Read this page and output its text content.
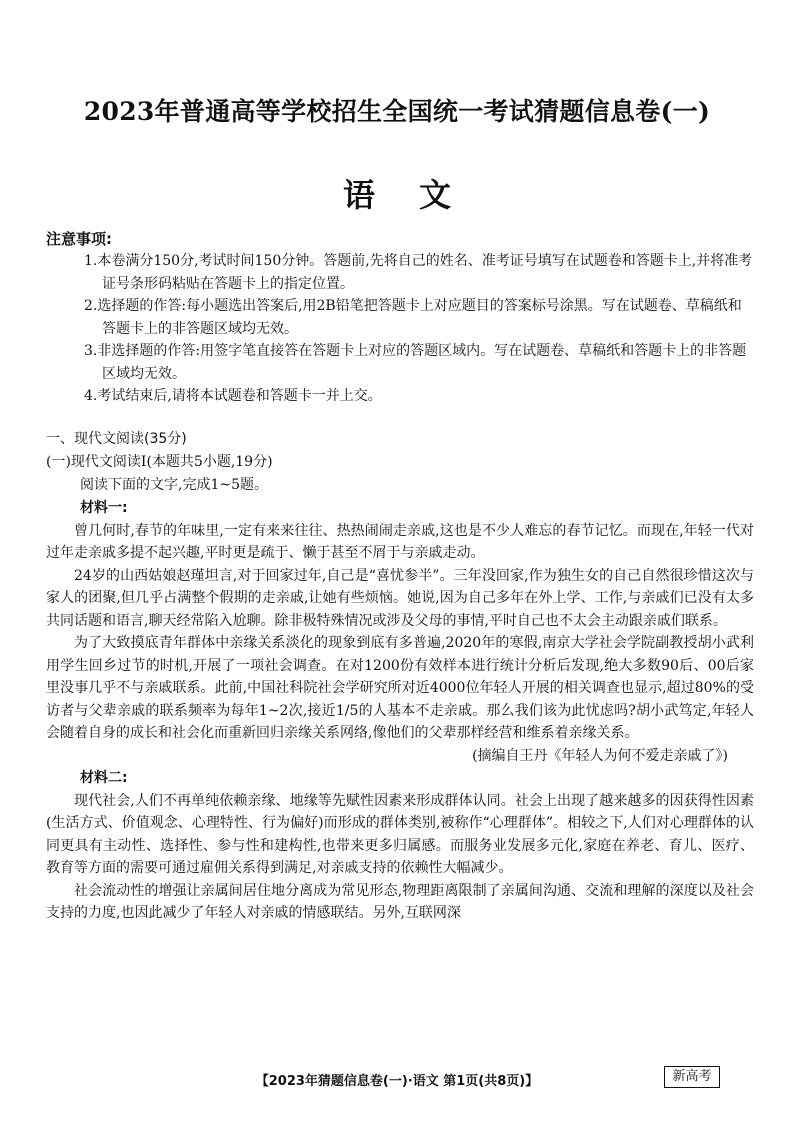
2023年普通高等学校招生全国统一考试猜题信息卷(一)
语文
注意事项:

1.本卷满分150分,考试时间150分钟。答题前,先将自己的姓名、准考证号填写在试题卷和答题卡上,并将准考证号条形码粘贴在答题卡上的指定位置。

2.选择题的作答:每小题选出答案后,用2B铅笔把答题卡上对应题目的答案标号涂黑。写在试题卷、草稿纸和答题卡上的非答题区域均无效。

3.非选择题的作答:用签字笔直接答在答题卡上对应的答题区域内。写在试题卷、草稿纸和答题卡上的非答题区域均无效。

4.考试结束后,请将本试题卷和答题卡一并上交。

一、现代文阅读(35分)
(一)现代文阅读Ⅰ(本题共5小题,19分)
阅读下面的文字,完成1~5题。
材料一:

曾几何时,春节的年味里,一定有来来往往、热热闹闹走亲戚,这也是不少人难忘的春节记忆。而现在,年轻一代对过年走亲戚多提不起兴趣,平时更是疏于、懒于甚至不屑于与亲戚走动。

24岁的山西姑娘赵瑾坦言,对于回家过年,自己是“喜忧参半”。三年没回家,作为独生女的自己自然很珍惜这次与家人的团聚,但几乎占满整个假期的走亲戚,让她有些烦恼。她说,因为自己多年在外上学、工作,与亲戚们已没有太多共同话题和语言,聊天经常陷入尬聊。除非极特殊情况或涉及父母的事情,平时自己也不太会主动跟亲戚们联系。

为了大致摸底青年群体中亲缘关系淡化的现象到底有多普遍,2020年的寒假,南京大学社会学院副教授胡小武利用学生回乡过节的时机,开展了一项社会调查。在对1200份有效样本进行统计分析后发现,绝大多数90后、00后家里没事几乎不与亲戚联系。此前,中国社科院社会学研究所对近4000位年轻人开展的相关调查也显示,超过80%的受访者与父辈亲戚的联系频率为每年1~2次,接近1/5的人基本不走亲戚。那么我们该为此忧虑吗?胡小武笃定,年轻人会随着自身的成长和社会化而重新回归亲缘关系网络,像他们的父辈那样经营和维系着亲缘关系。

(摘编自王丹《年轻人为何不爱走亲戚了》)

材料二:

现代社会,人们不再单纯依赖亲缘、地缘等先赋性因素来形成群体认同。社会上出现了越来越多的因获得性因素(生活方式、价值观念、心理特性、行为偏好)而形成的群体类别,被称作“心理群体”。相较之下,人们对心理群体的认同更具有主动性、选择性、参与性和建构性,也带来更多归属感。而服务业发展多元化,家庭在养老、育儿、医疗、教育等方面的需要可通过雇佣关系得到满足,对亲戚支持的依赖性大幅减少。

社会流动性的增强让亲属间居住地分离成为常见形态,物理距离限制了亲属间沟通、交流和理解的深度以及社会支持的力度,也因此减少了年轻人对亲戚的情感联结。另外,互联网深

【2023年猜题信息卷(一)·语文 第1页(共8页)】	新高考
